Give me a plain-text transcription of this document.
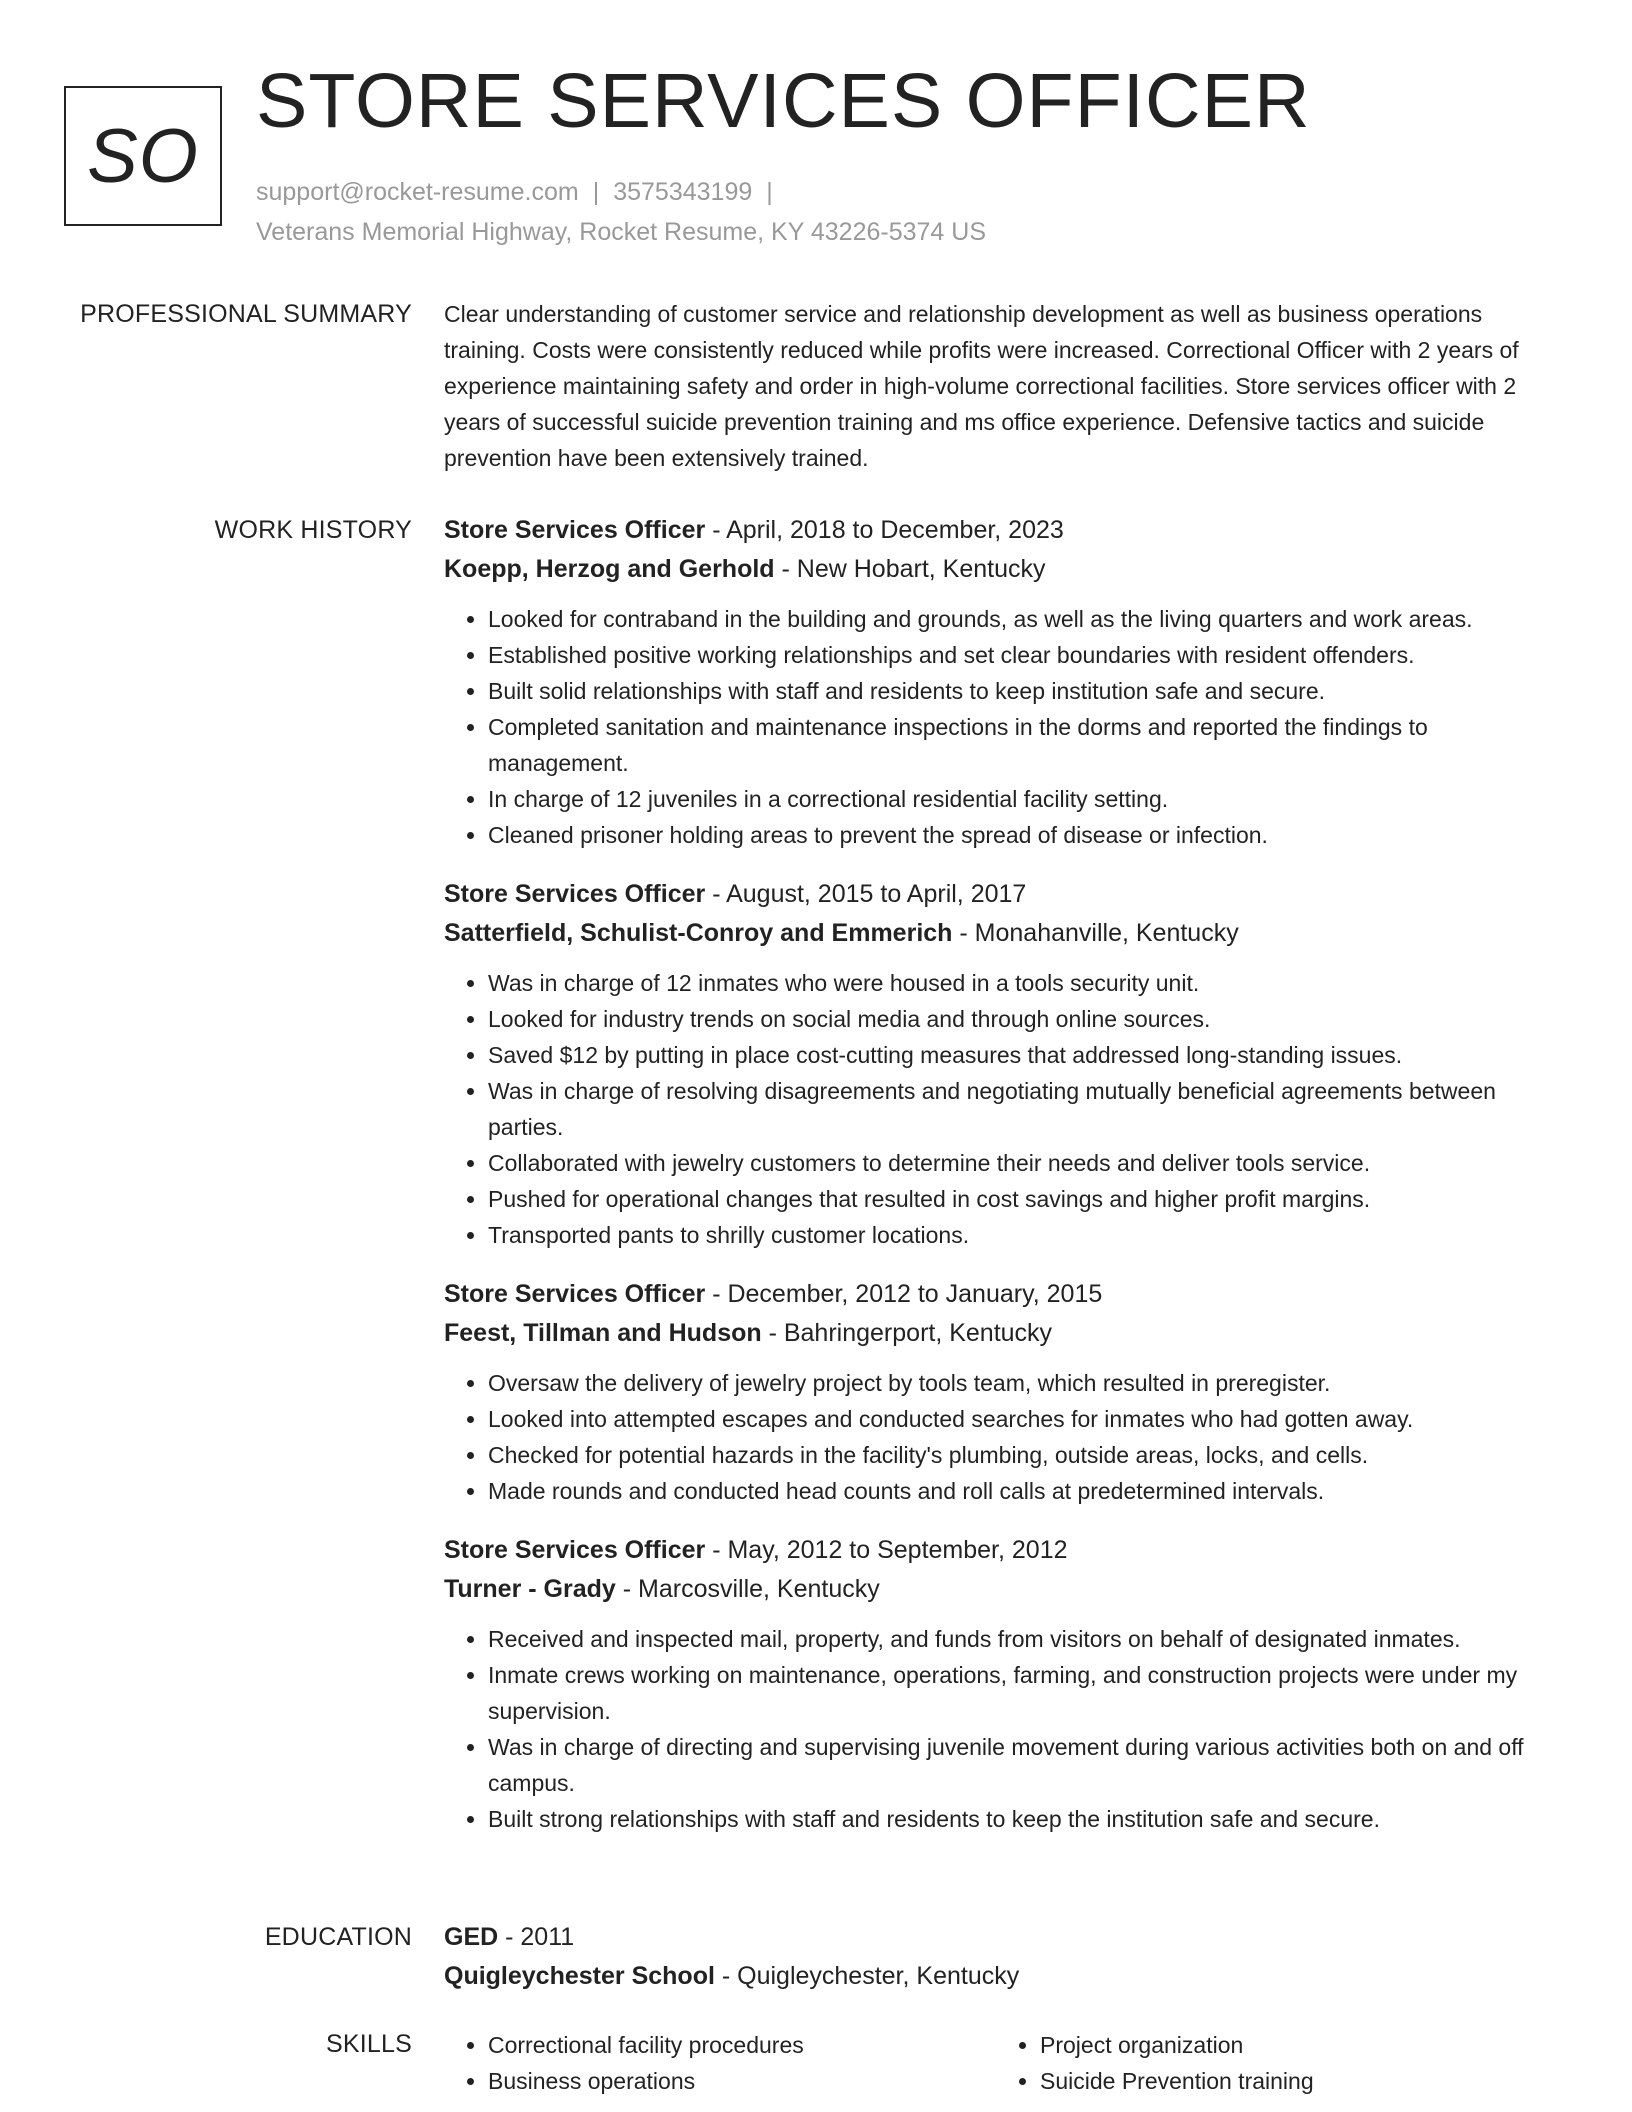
SO
STORE SERVICES OFFICER
support@rocket-resume.com | 3575343199 |
Veterans Memorial Highway, Rocket Resume, KY 43226-5374 US
PROFESSIONAL SUMMARY Clear understanding of customer service and relationship development as well as business operations training. Costs were consistently reduced while profits were increased. Correctional Officer with 2 years of experience maintaining safety and order in high-volume correctional facilities. Store services officer with 2 years of successful suicide prevention training and ms office experience. Defensive tactics and suicide prevention have been extensively trained.

WORK HISTORY Store Services Officer - April, 2018 to December, 2023
Koepp, Herzog and Gerhold - New Hobart, Kentucky
• Looked for contraband in the building and grounds, as well as the living quarters and work areas.
• Established positive working relationships and set clear boundaries with resident offenders.
• Built solid relationships with staff and residents to keep institution safe and secure.
• Completed sanitation and maintenance inspections in the dorms and reported the findings to management.
• In charge of 12 juveniles in a correctional residential facility setting.
• Cleaned prisoner holding areas to prevent the spread of disease or infection.
Store Services Officer - August, 2015 to April, 2017
Satterfield, Schulist-Conroy and Emmerich - Monahanville, Kentucky
• Was in charge of 12 inmates who were housed in a tools security unit.
• Looked for industry trends on social media and through online sources.
• Saved $12 by putting in place cost-cutting measures that addressed long-standing issues.
• Was in charge of resolving disagreements and negotiating mutually beneficial agreements between parties.
• Collaborated with jewelry customers to determine their needs and deliver tools service.
• Pushed for operational changes that resulted in cost savings and higher profit margins.
• Transported pants to shrilly customer locations.
Store Services Officer - December, 2012 to January, 2015
Feest, Tillman and Hudson - Bahringerport, Kentucky
• Oversaw the delivery of jewelry project by tools team, which resulted in preregister.
• Looked into attempted escapes and conducted searches for inmates who had gotten away.
• Checked for potential hazards in the facility's plumbing, outside areas, locks, and cells.
• Made rounds and conducted head counts and roll calls at predetermined intervals.
Store Services Officer - May, 2012 to September, 2012
Turner - Grady - Marcosville, Kentucky
• Received and inspected mail, property, and funds from visitors on behalf of designated inmates.
• Inmate crews working on maintenance, operations, farming, and construction projects were under my supervision.
• Was in charge of directing and supervising juvenile movement during various activities both on and off campus.
• Built strong relationships with staff and residents to keep the institution safe and secure.
EDUCATION GED - 2011
Quigleychester School - Quigleychester, Kentucky
SKILLS
•	Correctional facility procedures
• Business operations
• Project organization
• Suicide Prevention training
